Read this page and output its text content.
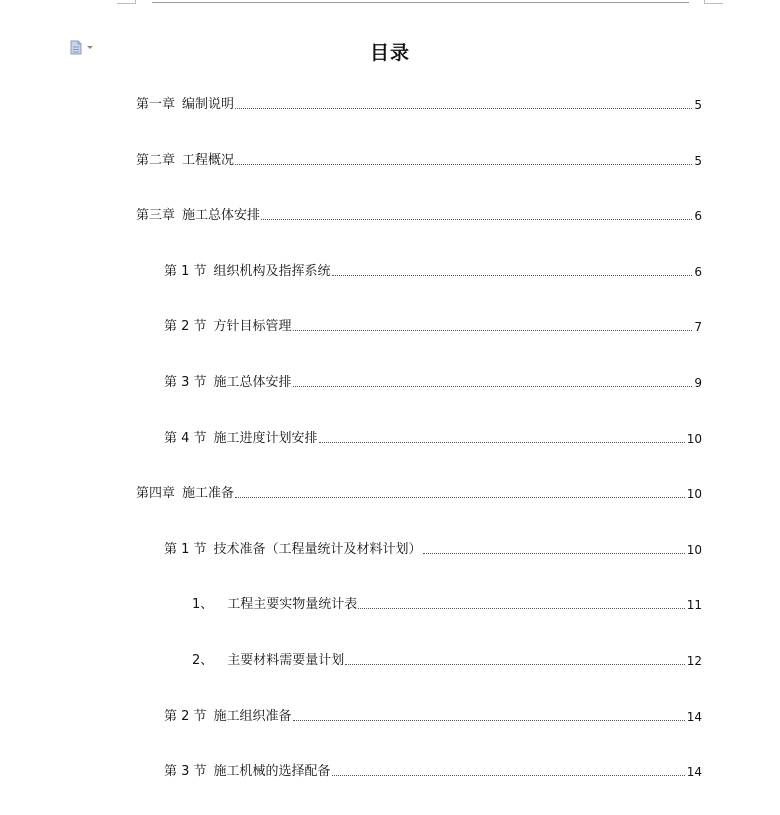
目录
第一章 编制说明	5
第二章 工程概况	5
第三章 施工总体安排	6
第 1 节 组织机构及指挥系统	6
第 2 节 方针目标管理	7
第 3 节 施工总体安排	9
第 4 节 施工进度计划安排	10
第四章 施工准备	10
第 1 节 技术准备（工程量统计及材料计划）	10
1、 工程主要实物量统计表	11
2、 主要材料需要量计划	12
第 2 节 施工组织准备	14
第 3 节 施工机械的选择配备	14
